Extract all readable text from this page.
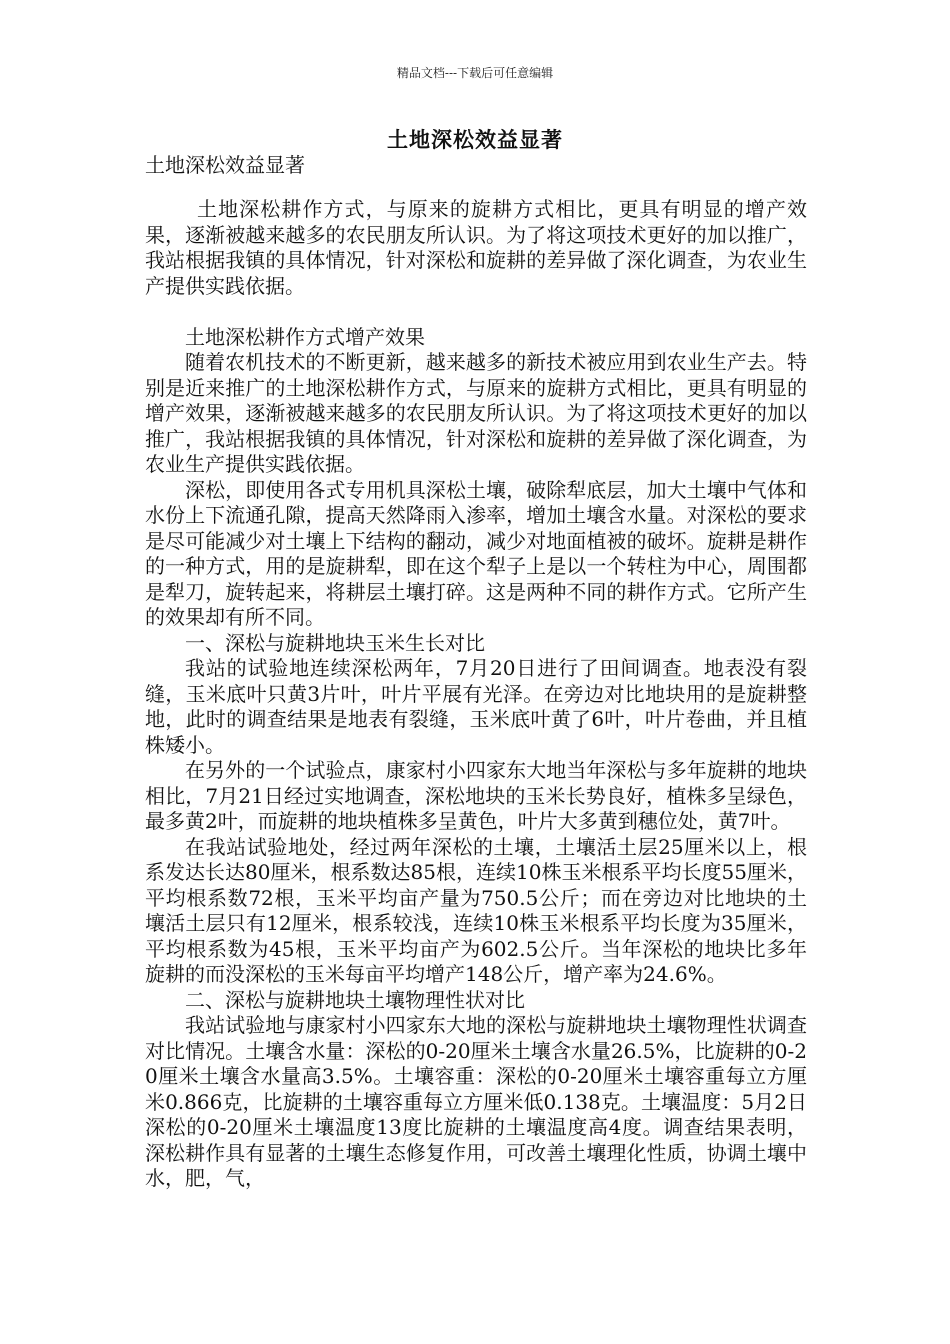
精品文档---下载后可任意编辑
土地深松效益显著
土地深松效益显著

土地深松耕作方式，与原来的旋耕方式相比，更具有明显的增产效果，逐渐被越来越多的农民朋友所认识。为了将这项技术更好的加以推广，我站根据我镇的具体情况，针对深松和旋耕的差异做了深化调查，为农业生产提供实践依据。

土地深松耕作方式增产效果

随着农机技术的不断更新，越来越多的新技术被应用到农业生产去。特别是近来推广的土地深松耕作方式，与原来的旋耕方式相比，更具有明显的增产效果，逐渐被越来越多的农民朋友所认识。为了将这项技术更好的加以推广，我站根据我镇的具体情况，针对深松和旋耕的差异做了深化调查，为农业生产提供实践依据。

深松，即使用各式专用机具深松土壤，破除犁底层，加大土壤中气体和水份上下流通孔隙，提高天然降雨入渗率，增加土壤含水量。对深松的要求是尽可能减少对土壤上下结构的翻动，减少对地面植被的破坏。旋耕是耕作的一种方式，用的是旋耕犁，即在这个犁子上是以一个转柱为中心，周围都是犁刀，旋转起来，将耕层土壤打碎。这是两种不同的耕作方式。它所产生的效果却有所不同。

一、深松与旋耕地块玉米生长对比

我站的试验地连续深松两年，7月20日进行了田间调查。地表没有裂缝，玉米底叶只黄3片叶，叶片平展有光泽。在旁边对比地块用的是旋耕整地，此时的调查结果是地表有裂缝，玉米底叶黄了6叶，叶片卷曲，并且植株矮小。

在另外的一个试验点，康家村小四家东大地当年深松与多年旋耕的地块相比，7月21日经过实地调查，深松地块的玉米长势良好，植株多呈绿色，最多黄2叶，而旋耕的地块植株多呈黄色，叶片大多黄到穗位处，黄7叶。

在我站试验地处，经过两年深松的土壤，土壤活土层25厘米以上，根系发达长达80厘米，根系数达85根，连续10株玉米根系平均长度55厘米，平均根系数72根，玉米平均亩产量为750.5公斤；而在旁边对比地块的土壤活土层只有12厘米，根系较浅，连续10株玉米根系平均长度为35厘米，平均根系数为45根，玉米平均亩产为602.5公斤。当年深松的地块比多年旋耕的而没深松的玉米每亩平均增产148公斤，增产率为24.6%。

二、深松与旋耕地块土壤物理性状对比

我站试验地与康家村小四家东大地的深松与旋耕地块土壤物理性状调查对比情况。土壤含水量：深松的0-20厘米土壤含水量26.5%，比旋耕的0-20厘米土壤含水量高3.5%。土壤容重：深松的0-20厘米土壤容重每立方厘米0.866克，比旋耕的土壤容重每立方厘米低0.138克。土壤温度：5月2日深松的0-20厘米土壤温度13度比旋耕的土壤温度高4度。调查结果表明，深松耕作具有显著的土壤生态修复作用，可改善土壤理化性质，协调土壤中水，肥，气，
